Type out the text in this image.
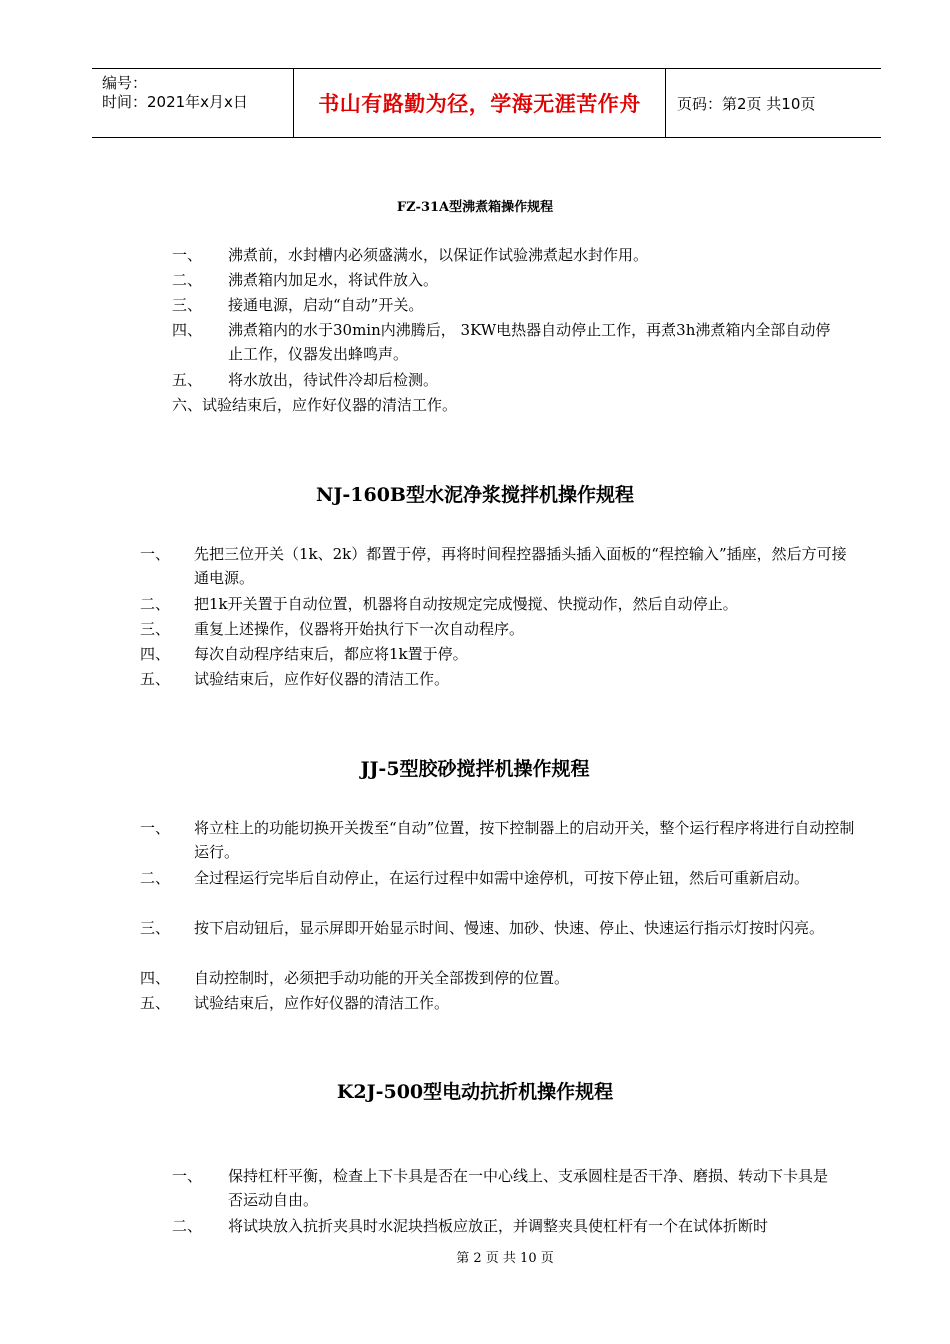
编号：
时间：2021年x月x日	书山有路勤为径，学海无涯苦作舟	页码：第2页 共10页
FZ-31A型沸煮箱操作规程
一、 沸煮前，水封槽内必须盛满水，以保证作试验沸煮起水封作用。
二、 沸煮箱内加足水，将试件放入。
三、 接通电源，启动“自动”开关。
四、 沸煮箱内的水于30min内沸腾后， 3KW电热器自动停止工作，再煮3h沸煮箱内全部自动停止工作，仪器发出蜂鸣声。
五、 将水放出，待试件冷却后检测。
六、试验结束后，应作好仪器的清洁工作。
NJ-160B型水泥净浆搅拌机操作规程
一、 先把三位开关（1k、2k）都置于停，再将时间程控器插头插入面板的“程控输入”插座，然后方可接通电源。
二、 把1k开关置于自动位置，机器将自动按规定完成慢搅、快搅动作，然后自动停止。
三、 重复上述操作，仪器将开始执行下一次自动程序。
四、 每次自动程序结束后，都应将1k置于停。
五、 试验结束后，应作好仪器的清洁工作。
JJ-5型胶砂搅拌机操作规程
一、 将立柱上的功能切换开关拨至“自动”位置，按下控制器上的启动开关，整个运行程序将进行自动控制运行。
二、 全过程运行完毕后自动停止，在运行过程中如需中途停机，可按下停止钮，然后可重新启动。
三、 按下启动钮后，显示屏即开始显示时间、慢速、加砂、快速、停止、快速运行指示灯按时闪亮。
四、 自动控制时，必须把手动功能的开关全部拨到停的位置。
五、 试验结束后，应作好仪器的清洁工作。
K2J-500型电动抗折机操作规程
一、 保持杠杆平衡，检查上下卡具是否在一中心线上、支承圆柱是否干净、磨损、转动下卡具是否运动自由。
二、 将试块放入抗折夹具时水泥块挡板应放正，并调整夹具使杠杆有一个在试体折断时
第 2 页 共 10 页
